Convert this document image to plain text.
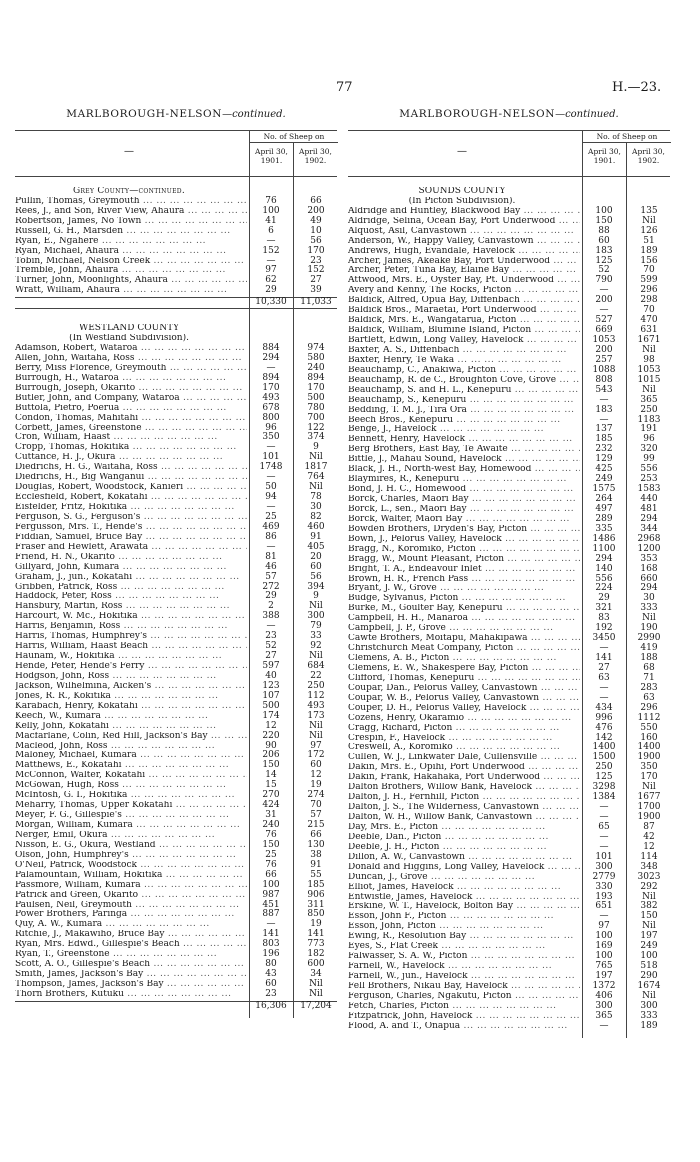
77	H.—23.
MARLBOROUGH-NELSON—continued.
—
No. of Sheep on
April 30,
1901.
April 30,
1902.
Grey County—continued.
Pullin, Thomas, Greymouth ...	76	66
Rees, J., and Son, River View, Ahaura ...	100	200
Robertson, James, No Town ...	41	49
Russell, G. H., Marsden ...	6	10
Ryan, E., Ngahere ...	—	56
Ryan, Michael, Ahaura ...	152	170
Tobin, Michael, Nelson Creek ...	—	23
Tremble, John, Ahaura ...	97	152
Turner, John, Moonlights, Ahaura ...	62	27
Wratt, William, Ahaura ...	29	39
10,330	11,033
WESTLAND COUNTY
(In Westland Subdivision).
Adamson, Robert, Wataroa ...	884	974
Allen, John, Waitaha, Ross ...	294	580
Berry, Miss Florence, Greymouth ...	—	240
Burrough, H., Wataroa ...	894	894
Burrough, Joseph, Okarito ...	170	170
Butler, John, and Company, Wataroa ...	493	500
Buttola, Pietro, Poerua ...	678	780
Condon, Thomas, Mahitahi ...	800	700
Corbett, James, Greenstone ...	96	122
Cron, William, Haast ...	350	374
Cropp, Thomas, Hokitika ...	—	9
Cuttance, H. J., Okura ...	101	Nil
Diedrichs, H. G., Waitaha, Ross ...	1748	1817
Diedrichs, H., Big Wanganui ...	—	764
Douglas, Robert, Woodstock, Kanieri ...	50	Nil
Ecclesfield, Robert, Kokatahi ...	94	78
Eisfelder, Fritz, Hokitika ...	—	30
Ferguson, S. G., Ferguson's ...	25	82
Fergusson, Mrs. T., Hende's ...	469	460
Fiddian, Samuel, Bruce Bay ...	86	91
Fraser and Hewlett, Arawata ...	—	405
Friend, H. N., Okarito ...	81	20
Gillyard, John, Kumara ...	46	60
Graham, J., jun., Kokatahi ...	57	56
Gribben, Patrick, Ross ...	272	394
Haddock, Peter, Ross ...	29	9
Hansbury, Martin, Ross ...	2	Nil
Harcourt, W. Mc., Hokitika ...	388	300
Harris, Benjamin, Ross ...	—	79
Harris, Thomas, Humphrey's ...	23	33
Harris, William, Haast Beach ...	52	92
Haunam, W., Hokitika ...	27	Nil
Hende, Peter, Hende's Ferry ...	597	684
Hodgson, John, Ross ...	40	22
Jackson, Wilhelmina, Aicken's ...	123	250
Jones, R. R., Kokitika ...	107	112
Karabach, Henry, Kokatahi ...	500	493
Keech, W., Kumara ...	174	173
Kelly, John, Kokatahi ...	12	Nil
Macfarlane, Colin, Red Hill, Jackson's Bay ...	220	Nil
Macleod, John, Ross ...	90	97
Maloney, Michael, Kumara ...	206	172
Matthews, E., Kokatahi ...	150	60
McConnon, Walter, Kokatahi ...	14	12
McGowan, Hugh, Ross ...	15	19
McIntosh, G. I., Hokitika ...	270	274
Meharry, Thomas, Upper Kokatahi ...	424	70
Meyer, F. G., Gillespie's ...	31	57
Morgan, William, Kumara ...	240	215
Nerger, Emil, Okura ...	76	66
Nisson, E. G., Okura, Westland ...	150	130
Olson, John, Humphrey's ...	25	38
O'Neil, Patrick, Woodstock ...	76	91
Palamountain, William, Hokitika ...	66	55
Passmore, William, Kumara ...	100	185
Patrick and Green, Okarito ...	987	906
Paulsen, Neil, Greymouth ...	451	311
Power Brothers, Paringa ...	887	850
Quy, A. W., Kumara ...	—	19
Ritchie, J., Makawiho, Bruce Bay ...	141	141
Ryan, Mrs. Edwd., Gillespie's Beach ...	803	773
Ryan, T., Greenstone ...	196	182
Scott, A. O., Gillespie's Beach ...	80	600
Smith, James, Jackson's Bay ...	43	34
Thompson, James, Jackson's Bay ...	60	Nil
Thorn Brothers, Kutuku ...	23	Nil
16,306	17,204
MARLBOROUGH-NELSON—continued.
—
No. of Sheep on
April 30,
1901.
April 30,
1902.
SOUNDS COUNTY
(In Picton Subdivision).
Aldridge and Huntley, Blackwood Bay ...	100	135
Aldridge, Selina, Ocean Bay, Port Underwood ...	150	Nil
Alquost, Asil, Canvastown ...	88	126
Anderson, W., Happy Valley, Canvastown ...	60	51
Andrews, Hugh, Evandale, Havelock ...	183	189
Archer, James, Akeake Bay, Port Underwood ...	125	156
Archer, Peter, Tuna Bay, Elaine Bay ...	52	70
Attwood, Mrs. E., Oyster Bay, Pt. Underwood ...	790	599
Avery and Kenny, The Rocks, Picton ...	—	296
Baldick, Alfred, Opua Bay, Diffenbach ...	200	298
Baldick Bros., Maraetai, Port Underwood ...	—	70
Baldick, Mrs. E., Wangatarua, Picton ...	527	470
Baldick, William, Blumine Island, Picton ...	669	631
Bartlett, Edwin, Long Valley, Havelock ...	1053	1671
Baxter, A. S., Diffenbach ...	200	Nil
Baxter, Henry, Te Waka ...	257	98
Beauchamp, C., Anakiwa, Picton ...	1088	1053
Beauchamp, R. de C., Broughton Cove, Grove ...	808	1015
Beauchamp, S. and H. L., Kenepuru ...	543	Nil
Beauchamp, S., Kenepuru ...	—	365
Bedding, T. M. J., Tira Ora ...	183	250
Beech Bros., Kenepuru ...	—	1183
Benge, J., Havelock ...	137	191
Bennett, Henry, Havelock ...	185	96
Berg Brothers, East Bay, Te Awaite ...	232	320
Bittle, J., Mahau Sound, Havelock ...	129	99
Black, J. H., North-west Bay, Homewood ...	425	556
Blaymires, R., Kenepuru ...	249	253
Bond, J. H. C., Homewood ...	1575	1583
Borck, Charles, Maori Bay ...	264	440
Borck, L., sen., Maori Bay ...	497	481
Borck, Walter, Maori Bay ...	289	294
Bowden Brothers, Dryden's Bay, Picton ...	335	344
Bown, J., Pelorus Valley, Havelock ...	1486	2968
Bragg, N., Koromiko, Picton ...	1100	1200
Bragg, W., Mount Pleasant, Picton ...	294	353
Bright, T. A., Endeavour Inlet ...	140	168
Brown, H. R., French Pass ...	556	660
Bryant, J. W., Grove ...	224	294
Budge, Sylvanus, Picton ...	29	30
Burke, M., Goulter Bay, Kenepuru ...	321	333
Campbell, H. H., Manaroa ...	83	Nil
Campbell, J. P., Grove ...	192	190
Cawte Brothers, Moitapu, Mahakipawa ...	3450	2990
Christchurch Meat Company, Picton ...	—	419
Clemens, A. B., Picton ...	141	188
Clemens, E. W., Shakespere Bay, Picton ...	27	68
Clifford, Thomas, Kenepuru ...	63	71
Coupar, Dan., Pelorus Valley, Canvastown ...	—	283
Coupar, W. B., Pelorus Valley, Canvastown ...	—	63
Couper, D. H., Pelorus Valley, Havelock ...	434	296
Cozens, Henry, Okaramio ...	996	1112
Cragg, Richard, Picton ...	476	550
Crespin, F., Havelock ...	142	160
Creswell, A., Koromiko ...	1400	1400
Cullen, W. J., Linkwater Dale, Cullensville ...	1500	1900
Dakin, Mrs. E., Opihi, Port Underwood ...	250	350
Dakin, Frank, Hakahaka, Port Underwood ...	125	170
Dalton Brothers, Willow Bank, Havelock ...	3298	Nil
Dalton, J. H., Fernhill, Picton ...	1384	1677
Dalton, J. S., The Wilderness, Canvastown ...	—	1700
Dalton, W. H., Willow Bank, Canvastown ...	—	1900
Day, Mrs. E., Picton ...	65	87
Deeble, Dan., Picton ...	—	42
Deeble, J. H., Picton ...	—	12
Dillon, A. W., Canvastown ...	101	114
Donald and Higgins, Long Valley, Havelock ...	300	348
Duncan, J., Grove ...	2779	3023
Elliot, James, Havelock ...	330	292
Entwistle, James, Havelock ...	193	Nil
Erskine, W. T., Havelock, Bolton Bay ...	651	382
Esson, John F., Picton ...	—	150
Esson, John, Picton ...	97	Nil
Ewing, R., Resolution Bay ...	100	197
Eyes, S., Flat Creek ...	169	249
Falwasser, S. A. W., Picton ...	100	100
Farnell, W., Havelock ...	765	518
Farnell, W., jun., Havelock ...	197	290
Fell Brothers, Nikau Bay, Havelock ...	1372	1674
Ferguson, Charles, Ngakutu, Picton ...	406	Nil
Fetch, Charles, Picton ...	300	300
Fitzpatrick, John, Havelock ...	365	333
Flood, A. and T., Onapua ...	—	189
